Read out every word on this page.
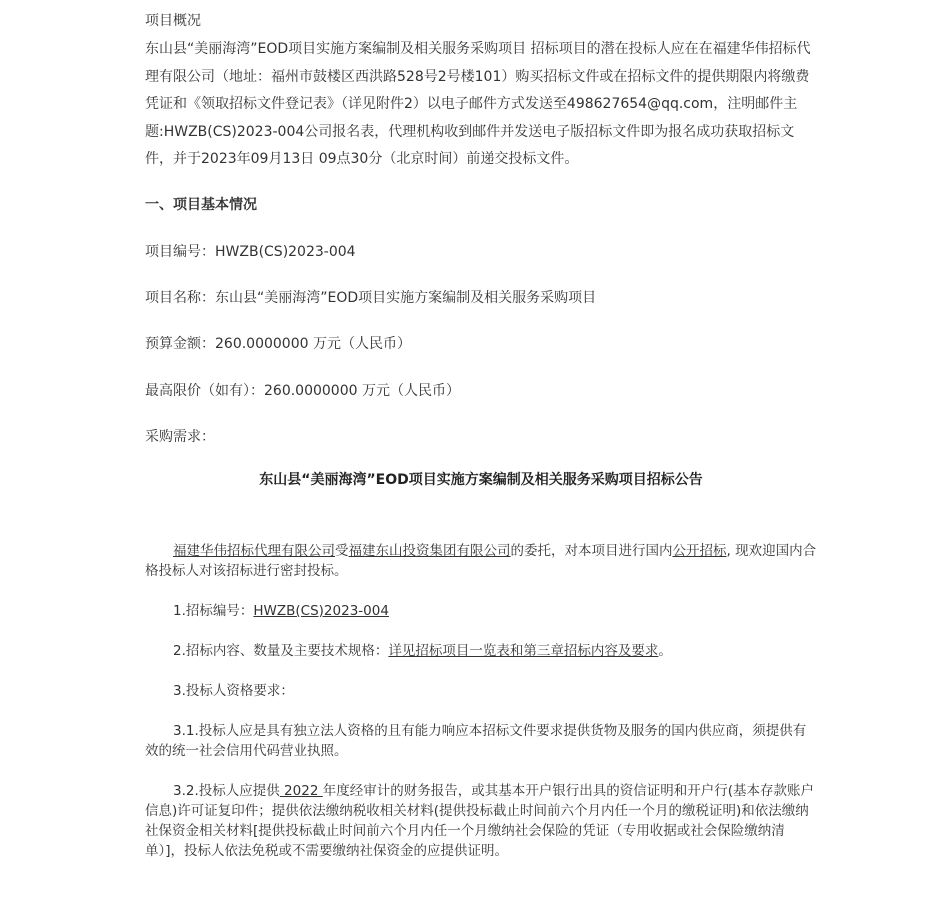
项目概况

东山县“美丽海湾”EOD项目实施方案编制及相关服务采购项目 招标项目的潜在投标人应在在福建华伟招标代理有限公司（地址：福州市鼓楼区西洪路528号2号楼101）购买招标文件或在招标文件的提供期限内将缴费凭证和《领取招标文件登记表》（详见附件2）以电子邮件方式发送至498627654@qq.com，注明邮件主题:HWZB(CS)2023-004公司报名表，代理机构收到邮件并发送电子版招标文件即为报名成功获取招标文件，并于2023年09月13日 09点30分（北京时间）前递交投标文件。

一、项目基本情况
项目编号：HWZB(CS)2023-004
项目名称：东山县“美丽海湾”EOD项目实施方案编制及相关服务采购项目
预算金额：260.0000000 万元（人民币）
最高限价（如有）：260.0000000 万元（人民币）
采购需求：
东山县“美丽海湾”EOD项目实施方案编制及相关服务采购项目招标公告

福建华伟招标代理有限公司受福建东山投资集团有限公司的委托，对本项目进行国内公开招标, 现欢迎国内合格投标人对该招标进行密封投标。

1.招标编号：HWZB(CS)2023-004

2.招标内容、数量及主要技术规格：详见招标项目一览表和第三章招标内容及要求。

3.投标人资格要求：

3.1.投标人应是具有独立法人资格的且有能力响应本招标文件要求提供货物及服务的国内供应商，须提供有效的统一社会信用代码营业执照。

3.2.投标人应提供 2022 年度经审计的财务报告，或其基本开户银行出具的资信证明和开户行(基本存款账户信息)许可证复印件；提供依法缴纳税收相关材料(提供投标截止时间前六个月内任一个月的缴税证明)和依法缴纳社保资金相关材料[提供投标截止时间前六个月内任一个月缴纳社会保险的凭证（专用收据或社会保险缴纳清单）]，投标人依法免税或不需要缴纳社保资金的应提供证明。
